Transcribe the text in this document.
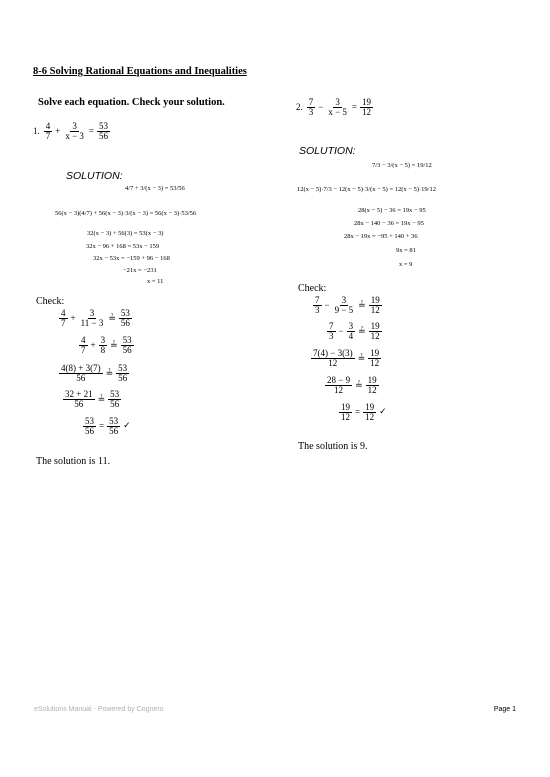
8-6 Solving Rational Equations and Inequalities
Solve each equation. Check your solution.
1. $\frac{4}{7} + \frac{3}{x - 3} = \frac{53}{56}$
2. $\frac{7}{3} - \frac{3}{x - 5} = \frac{19}{12}$
SOLUTION:
SOLUTION:
4/7 + 3/(x − 3) = 53/56
56(x − 3)(4/7) + 56(x − 3)·3/(x − 3) = 56(x − 3)·53/56
32(x − 3) + 56(3) = 53(x − 3)
32x − 96 + 168 = 53x − 159
32x − 53x = −159 + 96 − 168
−21x = −231
x = 11
7/3 − 3/(x − 5) = 19/12
12(x − 5)·7/3 − 12(x − 5)·3/(x − 5) = 12(x − 5)·19/12
28(x − 5) − 36 = 19x − 95
28x − 140 − 36 = 19x − 95
28x − 19x = −95 + 140 + 36
9x = 81
x = 9
Check:
Check:
$\frac{4}{7} + \frac{3}{11 - 3}$ ≟ $\frac{53}{56}$
$\frac{4}{7} + \frac{3}{8}$ ≟ $\frac{53}{56}$
$\frac{4(8) + 3(7)}{56}$ ≟ $\frac{53}{56}$
$\frac{32 + 21}{56}$ ≟ $\frac{53}{56}$
$\frac{53}{56} = \frac{53}{56}$ ✓
$\frac{7}{3} - \frac{3}{9 - 5}$ ≟ $\frac{19}{12}$
$\frac{7}{3} - \frac{3}{4}$ ≟ $\frac{19}{12}$
$\frac{7(4) - 3(3)}{12}$ ≟ $\frac{19}{12}$
$\frac{28 - 9}{12}$ ≟ $\frac{19}{12}$
$\frac{19}{12} = \frac{19}{12}$ ✓
The solution is 11.
The solution is 9.
eSolutions Manual - Powered by Cognero	Page 1
